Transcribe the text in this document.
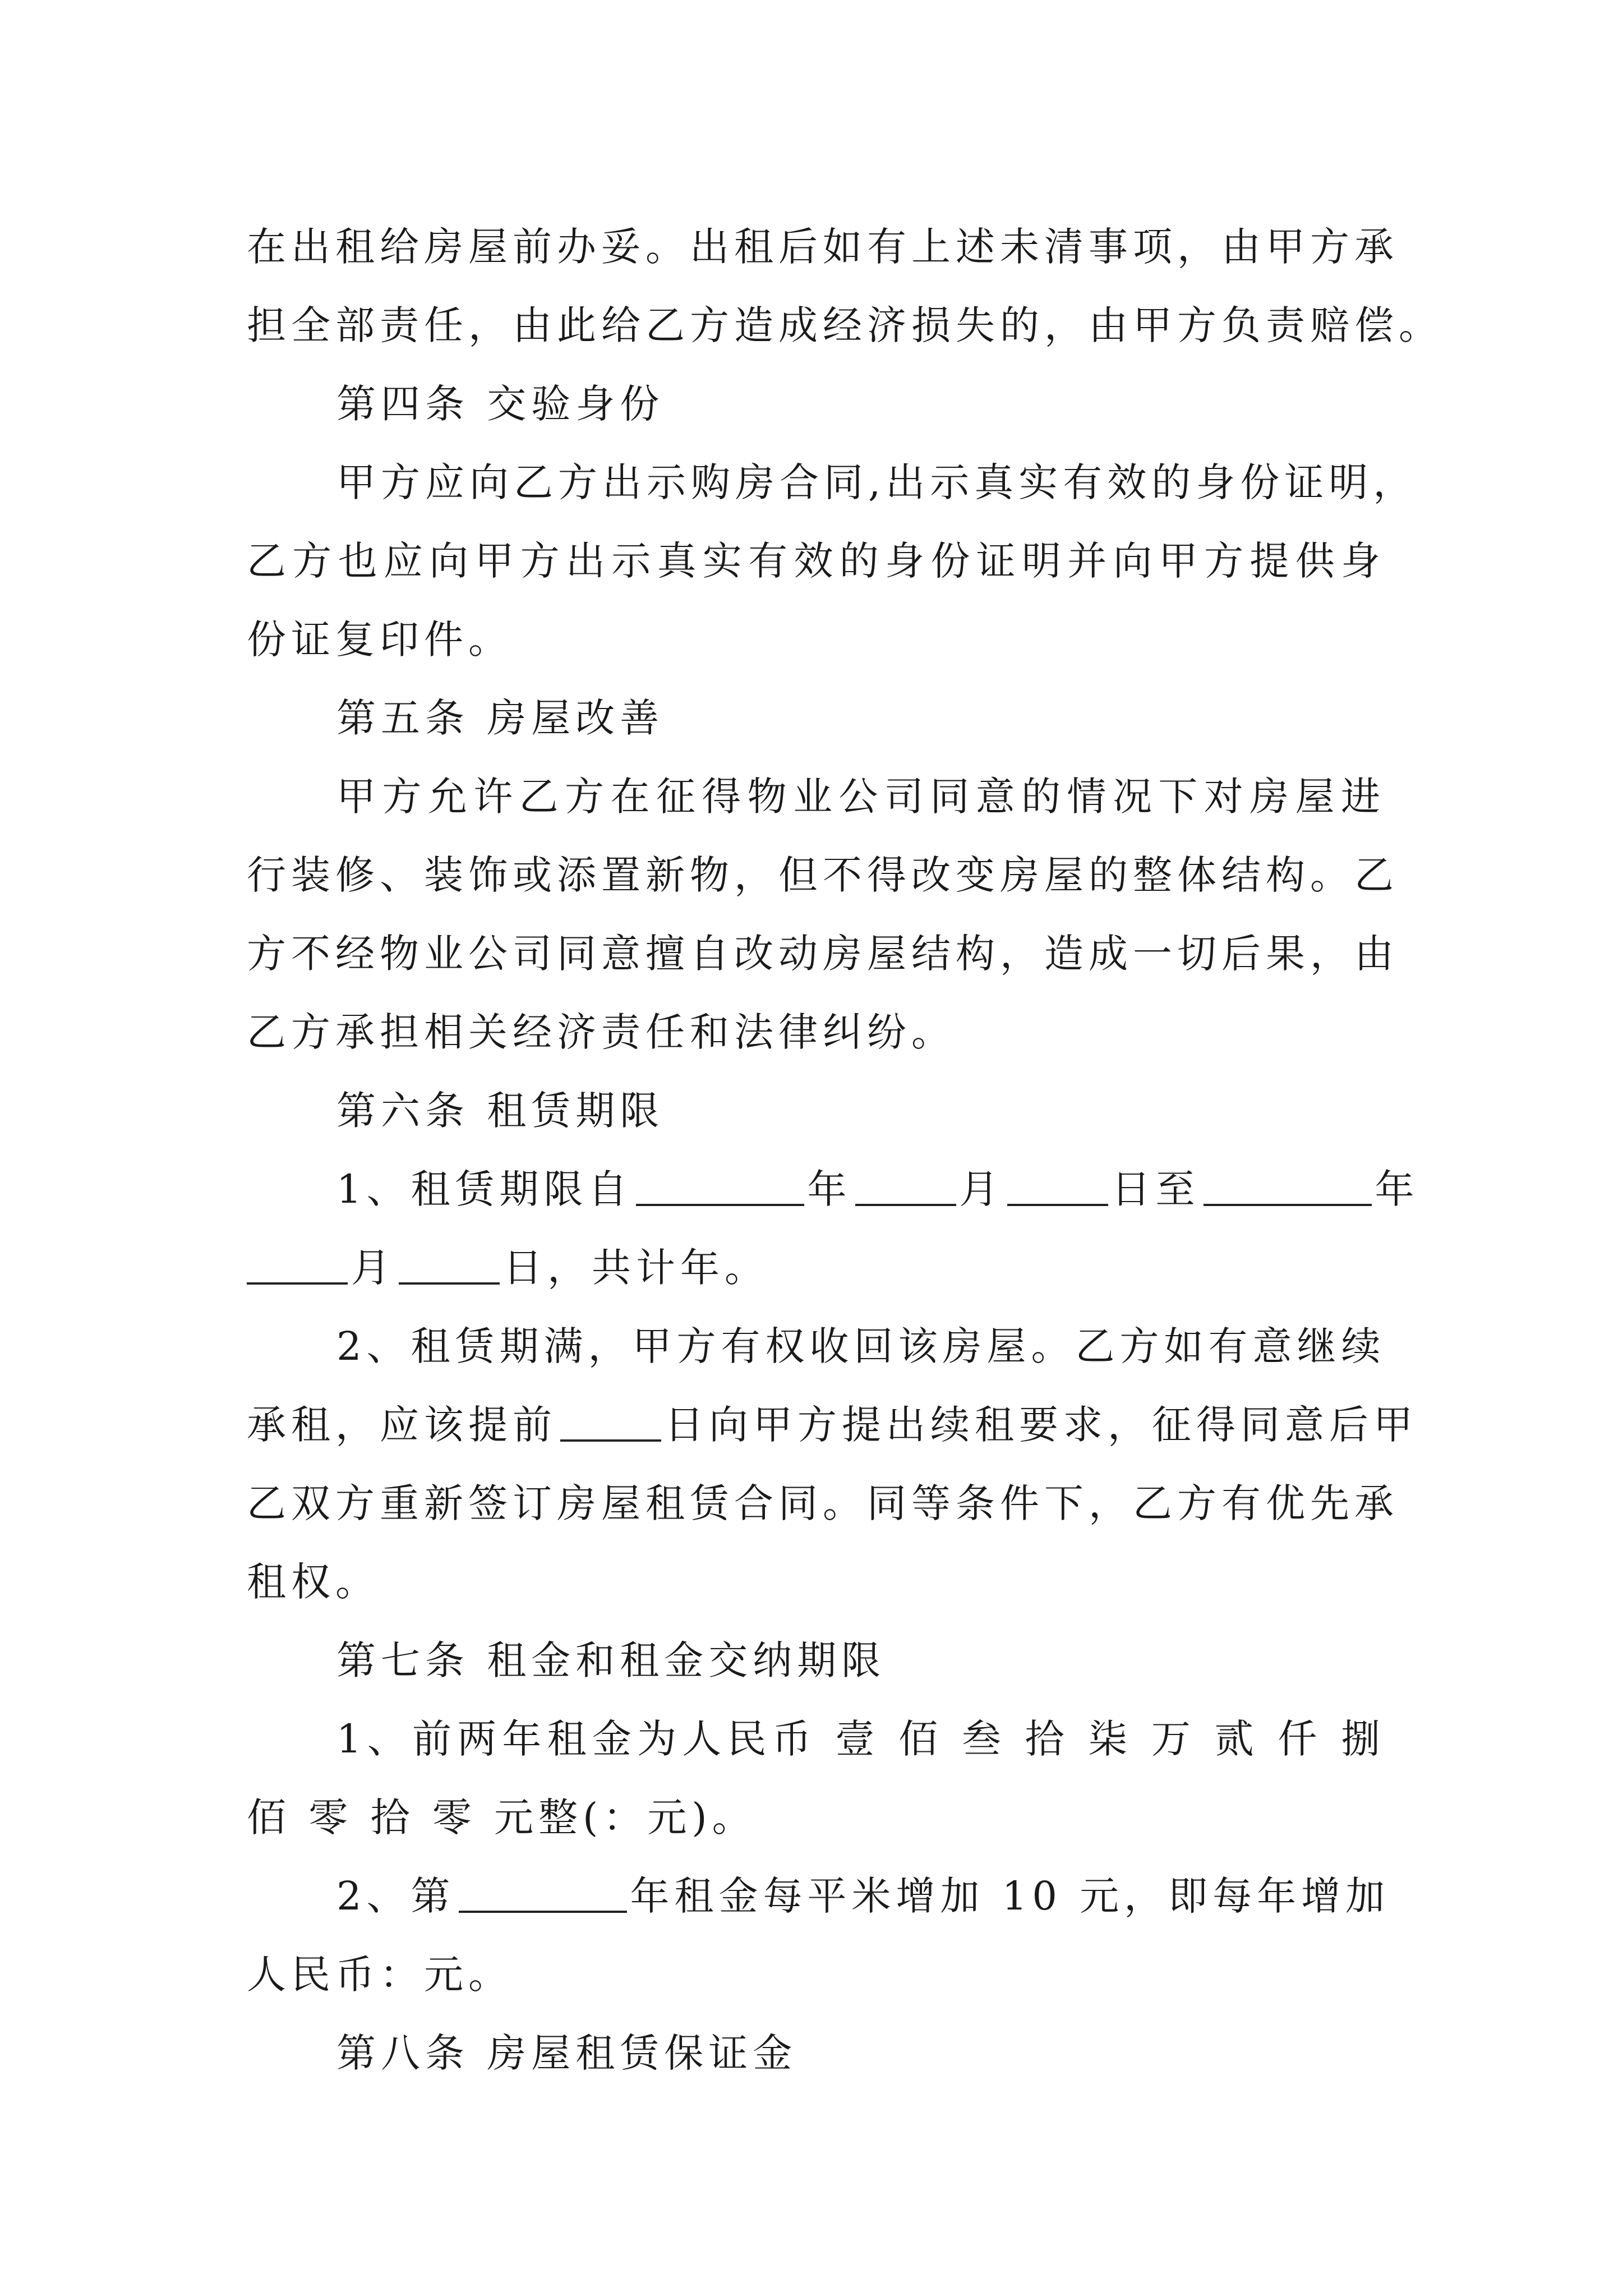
在出租给房屋前办妥。出租后如有上述未清事项，由甲方承
担全部责任，由此给乙方造成经济损失的，由甲方负责赔偿。
第四条 交验身份
甲方应向乙方出示购房合同,出示真实有效的身份证明，
乙方也应向甲方出示真实有效的身份证明并向甲方提供身
份证复印件。
第五条 房屋改善
甲方允许乙方在征得物业公司同意的情况下对房屋进
行装修、装饰或添置新物，但不得改变房屋的整体结构。乙
方不经物业公司同意擅自改动房屋结构，造成一切后果，由
乙方承担相关经济责任和法律纠纷。
第六条 租赁期限
1、租赁期限自	年	月	日至	年
月	日，共计年。
2、租赁期满，甲方有权收回该房屋。乙方如有意继续
承租，应该提前	日向甲方提出续租要求，征得同意后甲
乙双方重新签订房屋租赁合同。同等条件下，乙方有优先承
租权。
第七条 租金和租金交纳期限
1、前两年租金为人民币 壹 佰 叁 拾 柒 万 贰 仟 捌
佰 零 拾 零 元整(：元)。
2、第	年租金每平米增加 10 元，即每年增加
人民币：元。
第八条 房屋租赁保证金
